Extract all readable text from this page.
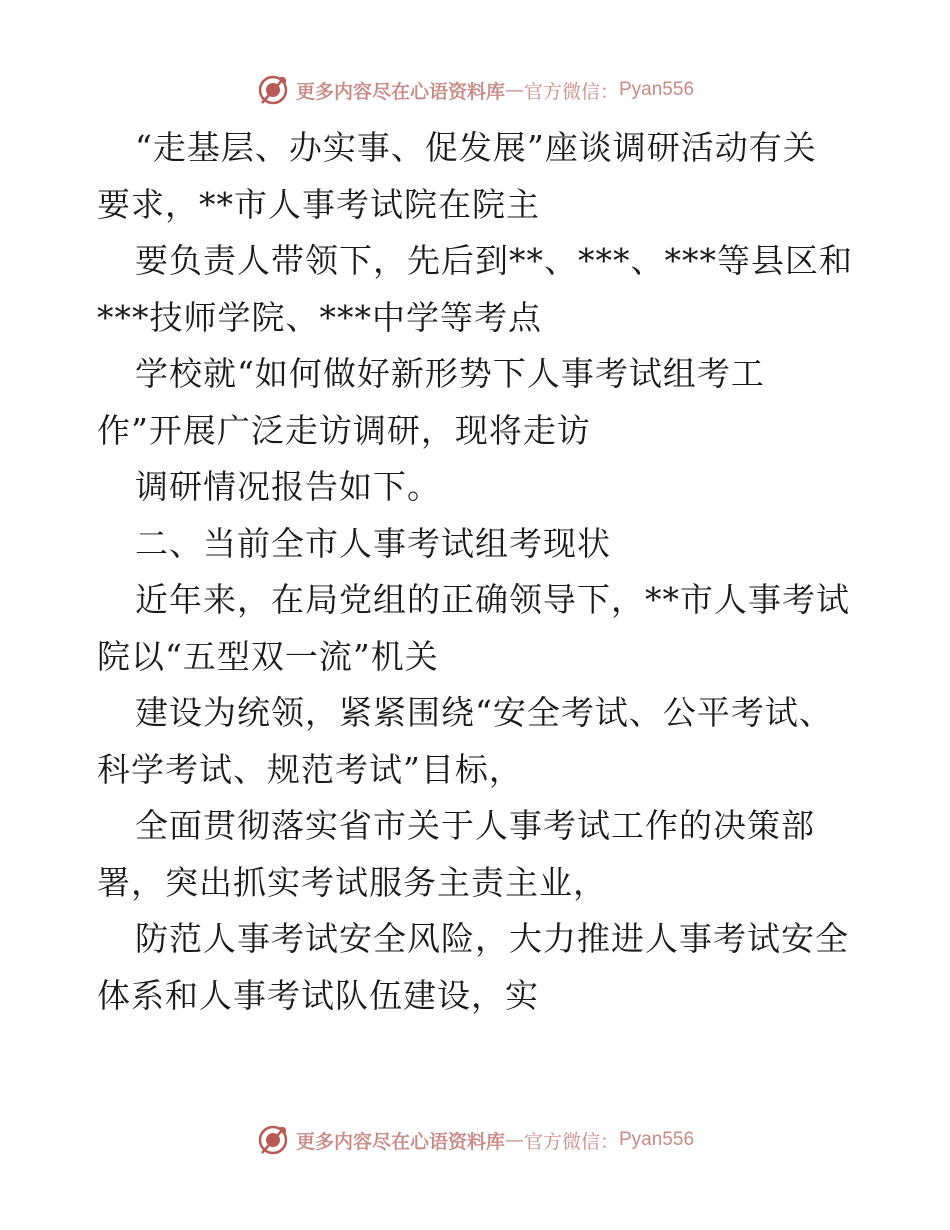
更多内容尽在心语资料库 — 官方微信： Pyan556
“走基层、办实事、促发展”座谈调研活动有关
要求，**市人事考试院在院主
要负责人带领下，先后到**、***、***等县区和
***技师学院、***中学等考点
学校就“如何做好新形势下人事考试组考工
作”开展广泛走访调研，现将走访
调研情况报告如下。
二、当前全市人事考试组考现状
近年来，在局党组的正确领导下，**市人事考试
院以“五型双一流”机关
建设为统领，紧紧围绕“安全考试、公平考试、
科学考试、规范考试”目标，
全面贯彻落实省市关于人事考试工作的决策部
署，突出抓实考试服务主责主业，
防范人事考试安全风险，大力推进人事考试安全
体系和人事考试队伍建设，实
更多内容尽在心语资料库 — 官方微信： Pyan556
